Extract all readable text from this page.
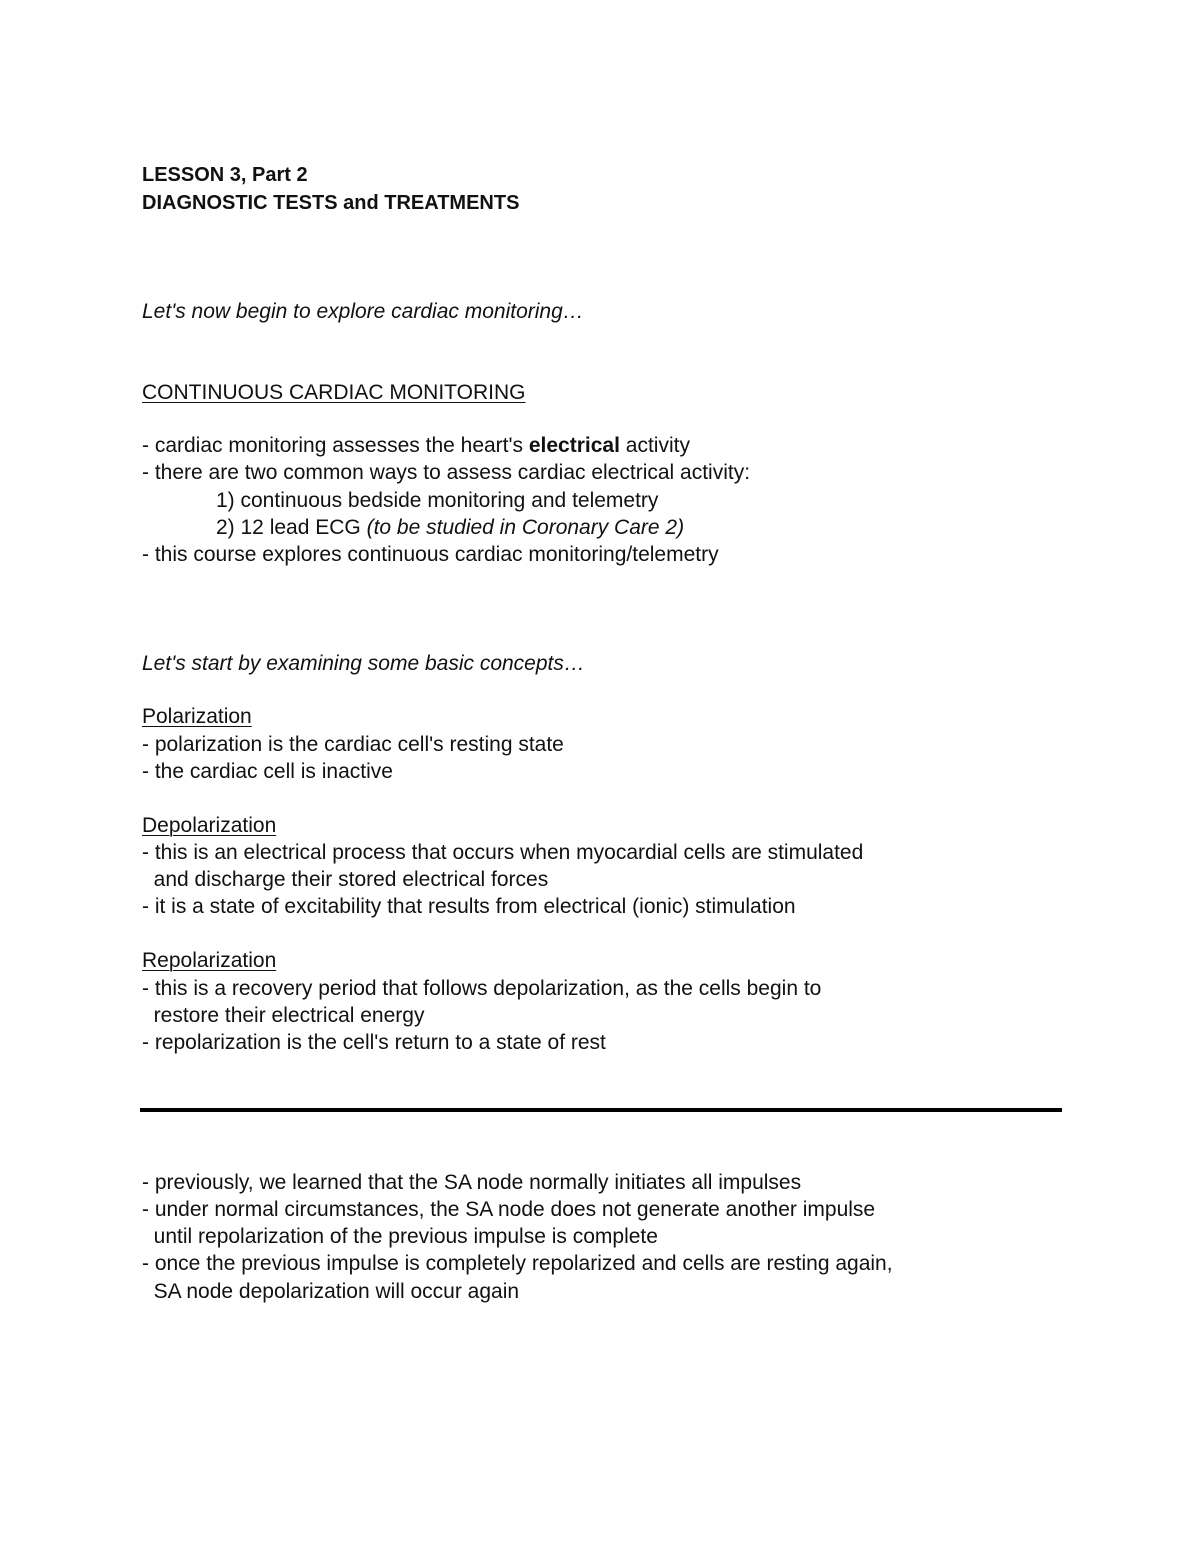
LESSON 3, Part 2
DIAGNOSTIC TESTS and TREATMENTS
Let's now begin to explore cardiac monitoring…
CONTINUOUS CARDIAC MONITORING
- cardiac monitoring assesses the heart's electrical activity
- there are two common ways to assess cardiac electrical activity:
1) continuous bedside monitoring and telemetry
2) 12 lead ECG (to be studied in Coronary Care 2)
- this course explores continuous cardiac monitoring/telemetry
Let's start by examining some basic concepts…
Polarization
- polarization is the cardiac cell's resting state
- the cardiac cell is inactive
Depolarization
- this is an electrical process that occurs when myocardial cells are stimulated
and discharge their stored electrical forces
- it is a state of excitability that results from electrical (ionic) stimulation
Repolarization
- this is a recovery period that follows depolarization, as the cells begin to
restore their electrical energy
- repolarization is the cell's return to a state of rest
- previously, we learned that the SA node normally initiates all impulses
- under normal circumstances, the SA node does not generate another impulse
until repolarization of the previous impulse is complete
- once the previous impulse is completely repolarized and cells are resting again,
SA node depolarization will occur again
